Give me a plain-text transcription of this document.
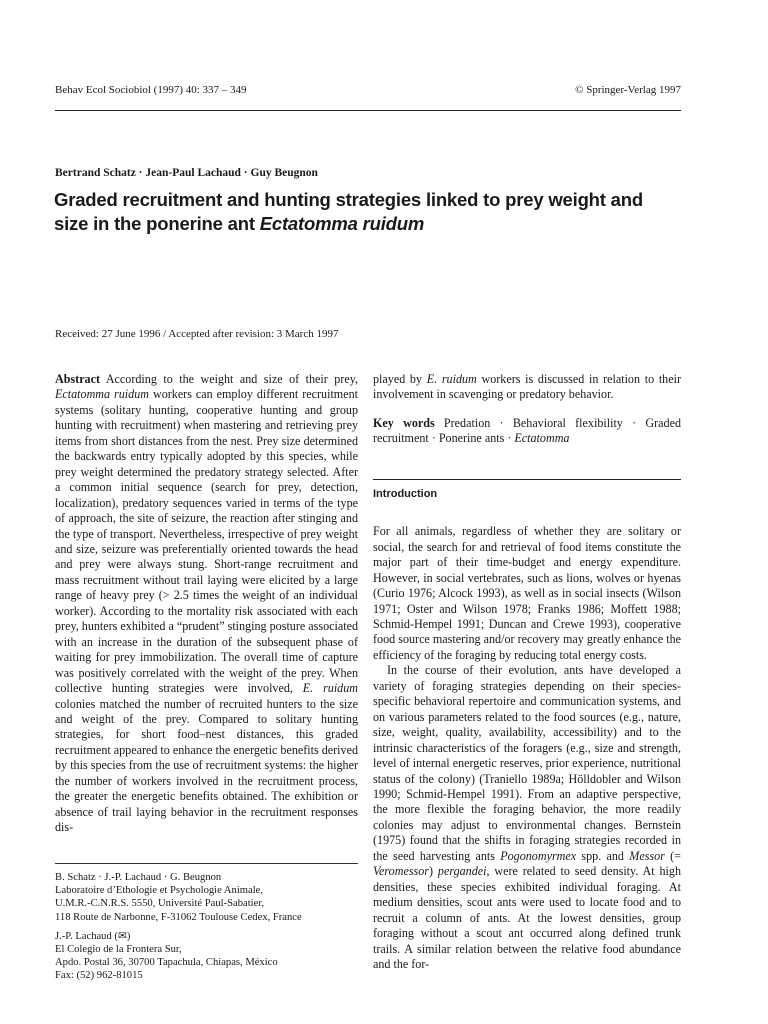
Behav Ecol Sociobiol (1997) 40: 337 – 349	© Springer-Verlag 1997
Bertrand Schatz · Jean-Paul Lachaud · Guy Beugnon
Graded recruitment and hunting strategies linked to prey weight and size in the ponerine ant Ectatomma ruidum
Received: 27 June 1996 / Accepted after revision: 3 March 1997

Abstract According to the weight and size of their prey, Ectatomma ruidum workers can employ different recruitment systems (solitary hunting, cooperative hunting and group hunting with recruitment) when mastering and retrieving prey items from short distances from the nest. Prey size determined the backwards entry typically adopted by this species, while prey weight determined the predatory strategy selected. After a common initial sequence (search for prey, detection, localization), predatory sequences varied in terms of the type of approach, the site of seizure, the reaction after stinging and the type of transport. Nevertheless, irrespective of prey weight and size, seizure was preferentially oriented towards the head and prey were always stung. Short-range recruitment and mass recruitment without trail laying were elicited by a large range of heavy prey (> 2.5 times the weight of an individual worker). According to the mortality risk associated with each prey, hunters exhibited a “prudent” stinging posture associated with an increase in the duration of the subsequent phase of waiting for prey immobilization. The overall time of capture was positively correlated with the weight of the prey. When collective hunting strategies were involved, E. ruidum colonies matched the number of recruited hunters to the size and weight of the prey. Compared to solitary hunting strategies, for short food–nest distances, this graded recruitment appeared to enhance the energetic benefits derived by this species from the use of recruitment systems: the higher the number of workers involved in the recruitment process, the greater the energetic benefits obtained. The exhibition or absence of trail laying behavior in the recruitment responses dis-

B. Schatz · J.-P. Lachaud · G. Beugnon

Laboratoire d’Ethologie et Psychologie Animale,

U.M.R.-C.N.R.S. 5550, Université Paul-Sabatier,

118 Route de Narbonne, F-31062 Toulouse Cedex, France

J.-P. Lachaud (✉)

El Colegio de la Frontera Sur,

Apdo. Postal 36, 30700 Tapachula, Chiapas, México

Fax: (52) 962-81015

played by E. ruidum workers is discussed in relation to their involvement in scavenging or predatory behavior.

Key words Predation · Behavioral flexibility · Graded recruitment · Ponerine ants · Ectatomma

Introduction

For all animals, regardless of whether they are solitary or social, the search for and retrieval of food items constitute the major part of their time-budget and energy expenditure. However, in social vertebrates, such as lions, wolves or hyenas (Curio 1976; Alcock 1993), as well as in social insects (Wilson 1971; Oster and Wilson 1978; Franks 1986; Moffett 1988; Schmid-Hempel 1991; Duncan and Crewe 1993), cooperative food source mastering and/or recovery may greatly enhance the efficiency of the foraging by reducing total energy costs.

In the course of their evolution, ants have developed a variety of foraging strategies depending on their species-specific behavioral repertoire and communication systems, and on various parameters related to the food sources (e.g., nature, size, weight, quality, availability, accessibility) and to the intrinsic characteristics of the foragers (e.g., size and strength, level of internal energetic reserves, prior experience, nutritional status of the colony) (Traniello 1989a; Hölldobler and Wilson 1990; Schmid-Hempel 1991). From an adaptive perspective, the more flexible the foraging behavior, the more readily colonies may adjust to environmental changes. Bernstein (1975) found that the shifts in foraging strategies recorded in the seed harvesting ants Pogonomyrmex spp. and Messor (= Veromessor) pergandei, were related to seed density. At high densities, these species exhibited individual foraging. At medium densities, scout ants were used to locate food and to recruit a column of ants. At the lowest densities, group foraging without a scout ant occurred along defined trunk trails. A similar relation between the relative food abundance and the for-
